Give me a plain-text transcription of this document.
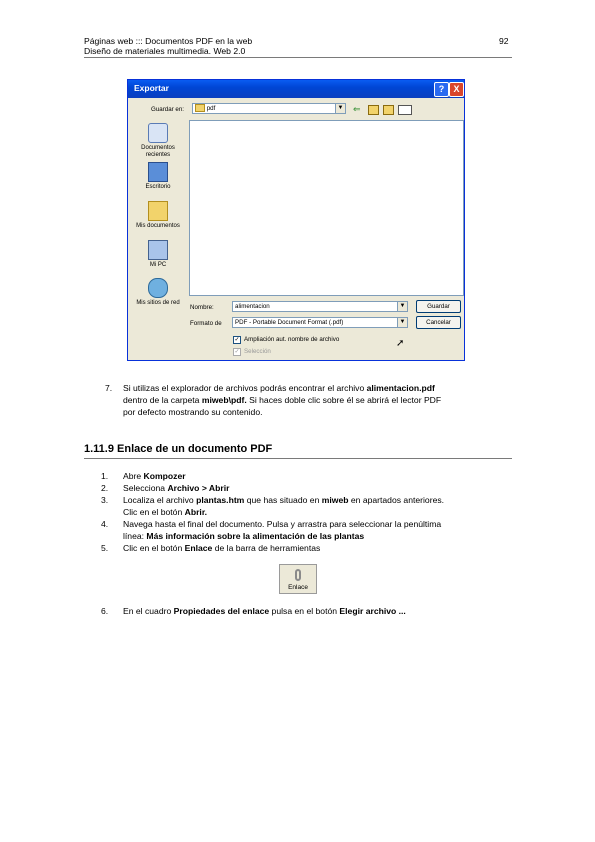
Páginas web ::: Documentos PDF en la web
Diseño de materiales multimedia. Web 2.0
92
Exportar	?	X
Guardar en:	pdf	▼ ⇐
Documentos recientes
Escritorio
Mis documentos
Mi PC
Mis sitios de red
Nombre:	alimentacion	▼	Guardar
Formato de	PDF - Portable Document Format (.pdf)	▼	Cancelar
✓ Ampliación aut. nombre de archivo
✓ Selección
➚
7. Si utilizas el explorador de archivos podrás encontrar el archivo alimentacion.pdf
dentro de la carpeta miweb\pdf. Si haces doble clic sobre él se abrirá el lector PDF
por defecto mostrando su contenido.
1.11.9 Enlace de un documento PDF
1. Abre Kompozer
2. Selecciona Archivo > Abrir
3. Localiza el archivo plantas.htm que has situado en miweb en apartados anteriores.
Clic en el botón Abrir.
4. Navega hasta el final del documento. Pulsa y arrastra para seleccionar la penúltima
línea: Más información sobre la alimentación de las plantas
5. Clic en el botón Enlace de la barra de herramientas
Enlace
6. En el cuadro Propiedades del enlace pulsa en el botón Elegir archivo ...
